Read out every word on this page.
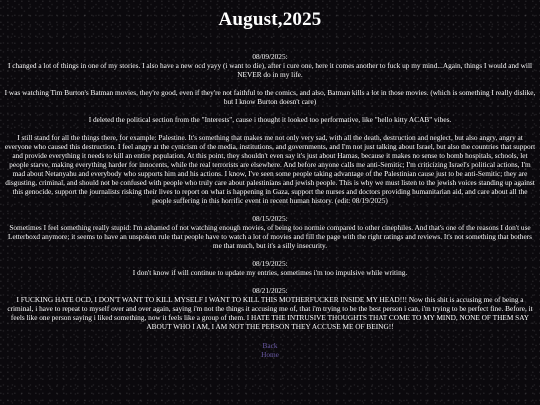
August,2025
08/09/2025:

I changed a lot of things in one of my stories. I also have a new ocd yayy (i want to die), after i cure one, here it comes another to fuck up my mind...Again, things I would and will NEVER do in my life.

I was watching Tim Burton's Batman movies, they're good, even if they're not faithful to the comics, and also, Batman kills a lot in those movies. (which is something I really dislike, but I know Burton doesn't care)

I deleted the political section from the "Interests", cause i thought it looked too performative, like "hello kitty ACAB" vibes.

I still stand for all the things there, for example: Palestine. It's something that makes me not only very sad, with all the death, destruction and neglect, but also angry, angry at everyone who caused this destruction. I feel angry at the cynicism of the media, institutions, and governments, and I'm not just talking about Israel, but also the countries that support and provide everything it needs to kill an entire population. At this point, they shouldn't even say it's just about Hamas, because it makes no sense to bomb hospitals, schools, let people starve, making everything harder for innocents, while the real terrorists are elsewhere. And before anyone calls me anti-Semitic; I'm criticizing Israel's political actions, I'm mad about Netanyahu and everybody who supports him and his actions. I know, I've seen some people taking advantage of the Palestinian cause just to be anti-Semitic; they are disgusting, criminal, and should not be confused with people who truly care about palestinians and jewish people. This is why we must listen to the jewish voices standing up against this genocide, support the journalists risking their lives to report on what is happening in Gaza, support the nurses and doctors providing humanitarian aid, and care about all the people suffering in this horrific event in recent human history. (edit: 08/19/2025)

08/15/2025:

Sometimes I feel something really stupid: I'm ashamed of not watching enough movies, of being too normie compared to other cinephiles. And that's one of the reasons I don't use Letterboxd anymore; it seems to have an unspoken rule that people have to watch a lot of movies and fill the page with the right ratings and reviews. It's not something that bothers me that much, but it's a silly insecurity.

08/19/2025:

I don't know if will continue to update my entries, sometimes i'm too impulsive while writing.

08/21/2025:

I FUCKING HATE OCD, I DON'T WANT TO KILL MYSELF I WANT TO KILL THIS MOTHERFUCKER INSIDE MY HEAD!!! Now this shit is accusing me of being a criminal, i have to repeat to myself over and over again, saying i'm not the things it accusing me of, that i'm trying to be the best person i can, i'm trying to be perfect fine. Before, it feels like one person saying i liked something, now it feels like a group of them. I HATE THE INTRUSIVE THOUGHTS THAT COME TO MY MIND, NONE OF THEM SAY ABOUT WHO I AM, I AM NOT THE PERSON THEY ACCUSE ME OF BEING!!

Back
Home
